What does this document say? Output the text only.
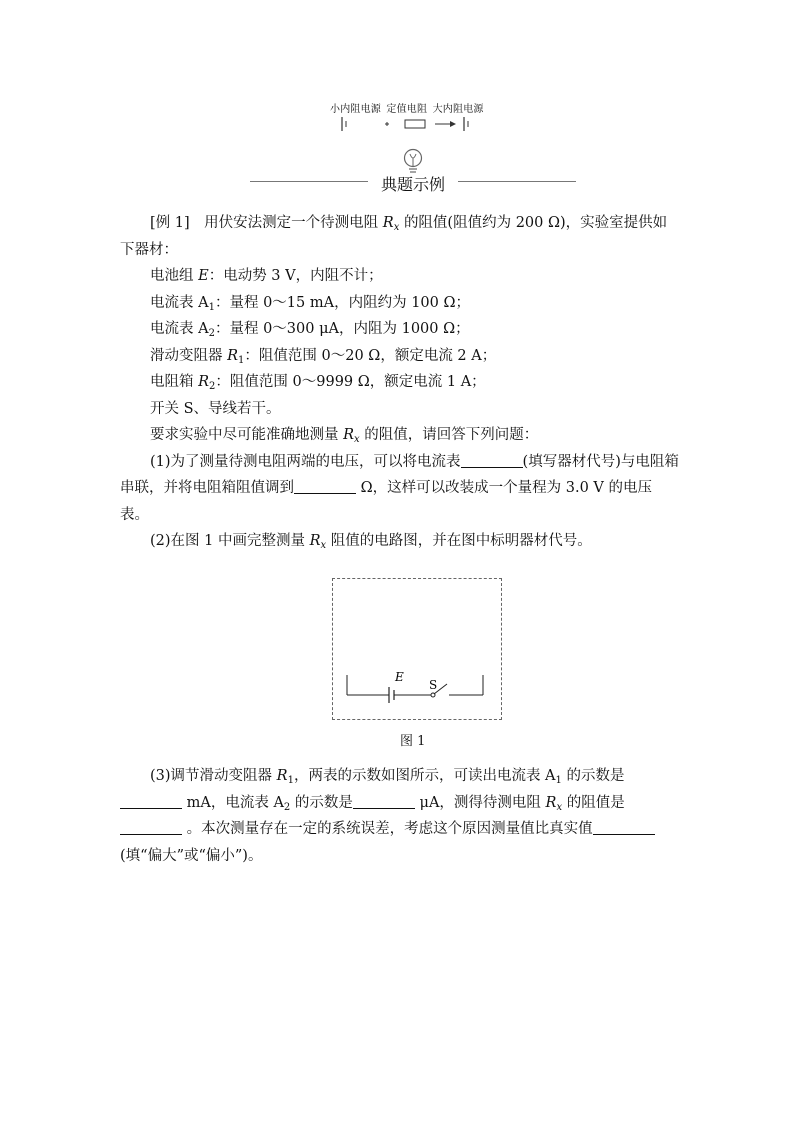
小内阻电源 定值电阻 大内阻电源
典题示例

[例 1]　用伏安法测定一个待测电阻 $R_x$ 的阻值(阻值约为 200 Ω)，实验室提供如下器材：

电池组 E：电动势 3 V，内阻不计；

电流表 $A_1$：量程 0～15 mA，内阻约为 100 Ω；

电流表 $A_2$：量程 0～300 μA，内阻为 1000 Ω；

滑动变阻器 $R_1$：阻值范围 0～20 Ω，额定电流 2 A；

电阻箱 $R_2$：阻值范围 0～9999 Ω，额定电流 1 A；

开关 S、导线若干。

要求实验中尽可能准确地测量 $R_x$ 的阻值，请回答下列问题：

(1)为了测量待测电阻两端的电压，可以将电流表	(填写器材代号)与电阻箱串联，并将电阻箱阻值调到	Ω，这样可以改装成一个量程为 3.0 V 的电压表。

(2)在图 1 中画完整测量 $R_x$ 阻值的电路图，并在图中标明器材代号。

E
S
图 1

(3)调节滑动变阻器 $R_1$，两表的示数如图所示，可读出电流表 $A_1$ 的示数是 mA，电流表 $A_2$ 的示数是	μA，测得待测电阻 $R_x$ 的阻值是 。本次测量存在一定的系统误差，考虑这个原因测量值比真实值(填“偏大”或“偏小”)。
